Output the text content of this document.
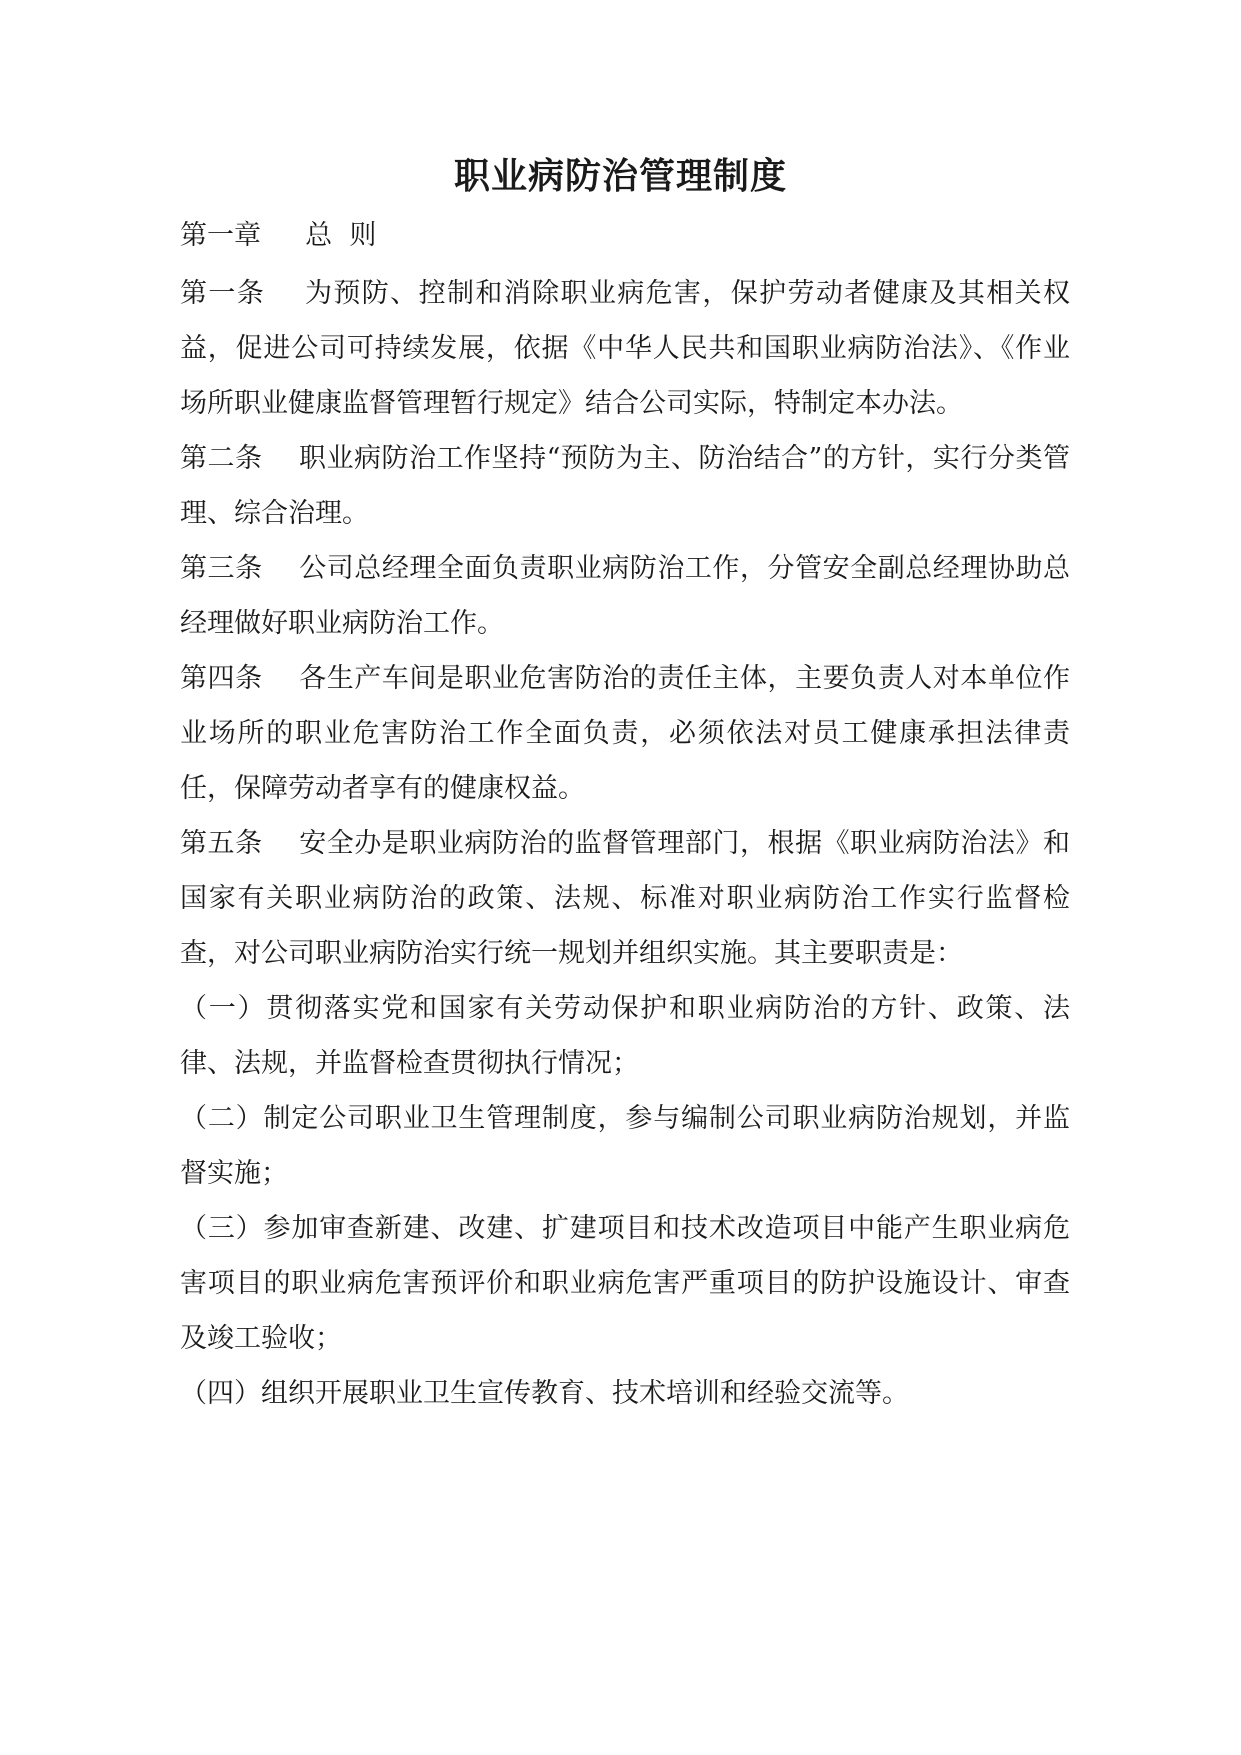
职业病防治管理制度
第一章　  总  则

第一条 为预防、控制和消除职业病危害，保护劳动者健康及其相关权益，促进公司可持续发展，依据《中华人民共和国职业病防治法》、《作业场所职业健康监督管理暂行规定》结合公司实际，特制定本办法。

第二条 职业病防治工作坚持“预防为主、防治结合”的方针，实行分类管理、综合治理。

第三条 公司总经理全面负责职业病防治工作，分管安全副总经理协助总经理做好职业病防治工作。

第四条 各生产车间是职业危害防治的责任主体，主要负责人对本单位作业场所的职业危害防治工作全面负责，必须依法对员工健康承担法律责任，保障劳动者享有的健康权益。

第五条 安全办是职业病防治的监督管理部门，根据《职业病防治法》和国家有关职业病防治的政策、法规、标准对职业病防治工作实行监督检查，对公司职业病防治实行统一规划并组织实施。其主要职责是：

（一）贯彻落实党和国家有关劳动保护和职业病防治的方针、政策、法律、法规，并监督检查贯彻执行情况；

（二）制定公司职业卫生管理制度，参与编制公司职业病防治规划，并监督实施；

（三）参加审查新建、改建、扩建项目和技术改造项目中能产生职业病危害项目的职业病危害预评价和职业病危害严重项目的防护设施设计、审查及竣工验收；

（四）组织开展职业卫生宣传教育、技术培训和经验交流等。
